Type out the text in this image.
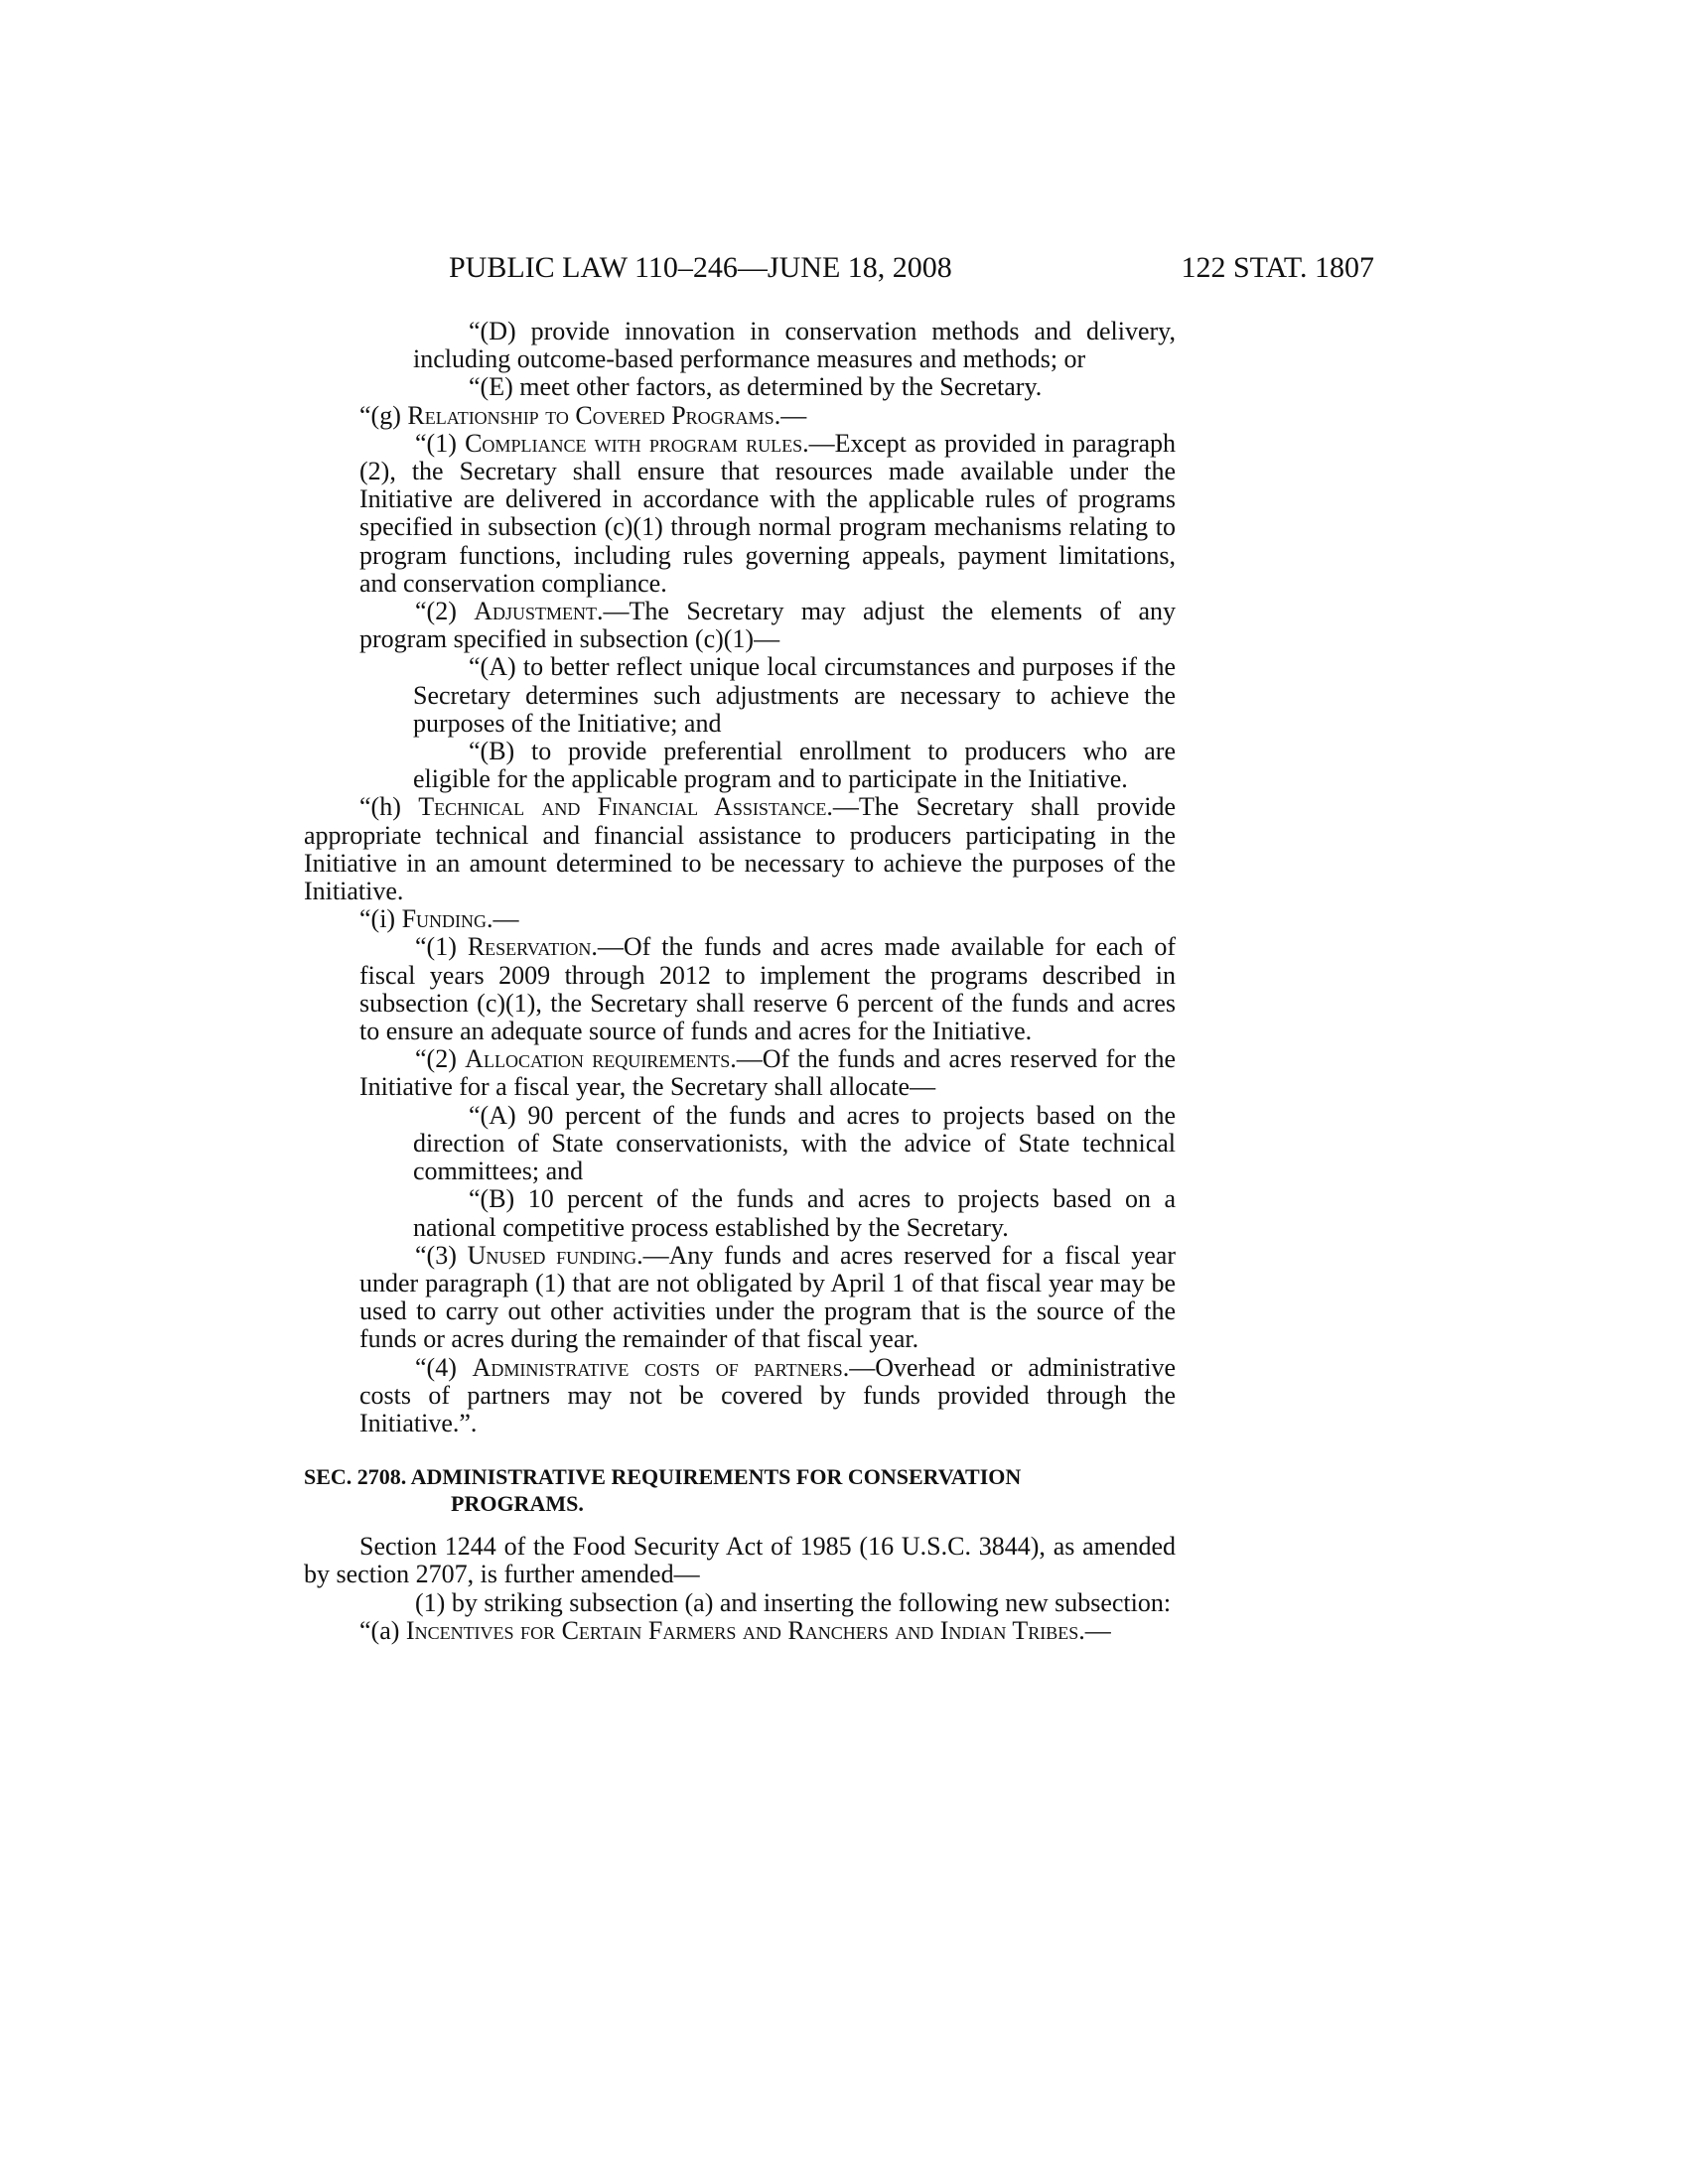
PUBLIC LAW 110–246—JUNE 18, 2008	122 STAT. 1807

“(D) provide innovation in conservation methods and delivery, including outcome-based performance measures and methods; or

“(E) meet other factors, as determined by the Secretary.

“(g) Relationship to Covered Programs.—

“(1) Compliance with program rules.—Except as provided in paragraph (2), the Secretary shall ensure that resources made available under the Initiative are delivered in accordance with the applicable rules of programs specified in subsection (c)(1) through normal program mechanisms relating to program functions, including rules governing appeals, payment limitations, and conservation compliance.

“(2) Adjustment.—The Secretary may adjust the elements of any program specified in subsection (c)(1)—

“(A) to better reflect unique local circumstances and purposes if the Secretary determines such adjustments are necessary to achieve the purposes of the Initiative; and

“(B) to provide preferential enrollment to producers who are eligible for the applicable program and to participate in the Initiative.

“(h) Technical and Financial Assistance.—The Secretary shall provide appropriate technical and financial assistance to producers participating in the Initiative in an amount determined to be necessary to achieve the purposes of the Initiative.

“(i) Funding.—

“(1) Reservation.—Of the funds and acres made available for each of fiscal years 2009 through 2012 to implement the programs described in subsection (c)(1), the Secretary shall reserve 6 percent of the funds and acres to ensure an adequate source of funds and acres for the Initiative.

“(2) Allocation requirements.—Of the funds and acres reserved for the Initiative for a fiscal year, the Secretary shall allocate—

“(A) 90 percent of the funds and acres to projects based on the direction of State conservationists, with the advice of State technical committees; and

“(B) 10 percent of the funds and acres to projects based on a national competitive process established by the Secretary.

“(3) Unused funding.—Any funds and acres reserved for a fiscal year under paragraph (1) that are not obligated by April 1 of that fiscal year may be used to carry out other activities under the program that is the source of the funds or acres during the remainder of that fiscal year.

“(4) Administrative costs of partners.—Overhead or administrative costs of partners may not be covered by funds provided through the Initiative.”.

SEC. 2708. ADMINISTRATIVE REQUIREMENTS FOR CONSERVATION
PROGRAMS.

Section 1244 of the Food Security Act of 1985 (16 U.S.C. 3844), as amended by section 2707, is further amended—

(1) by striking subsection (a) and inserting the following new subsection:

“(a) Incentives for Certain Farmers and Ranchers and Indian Tribes.—
